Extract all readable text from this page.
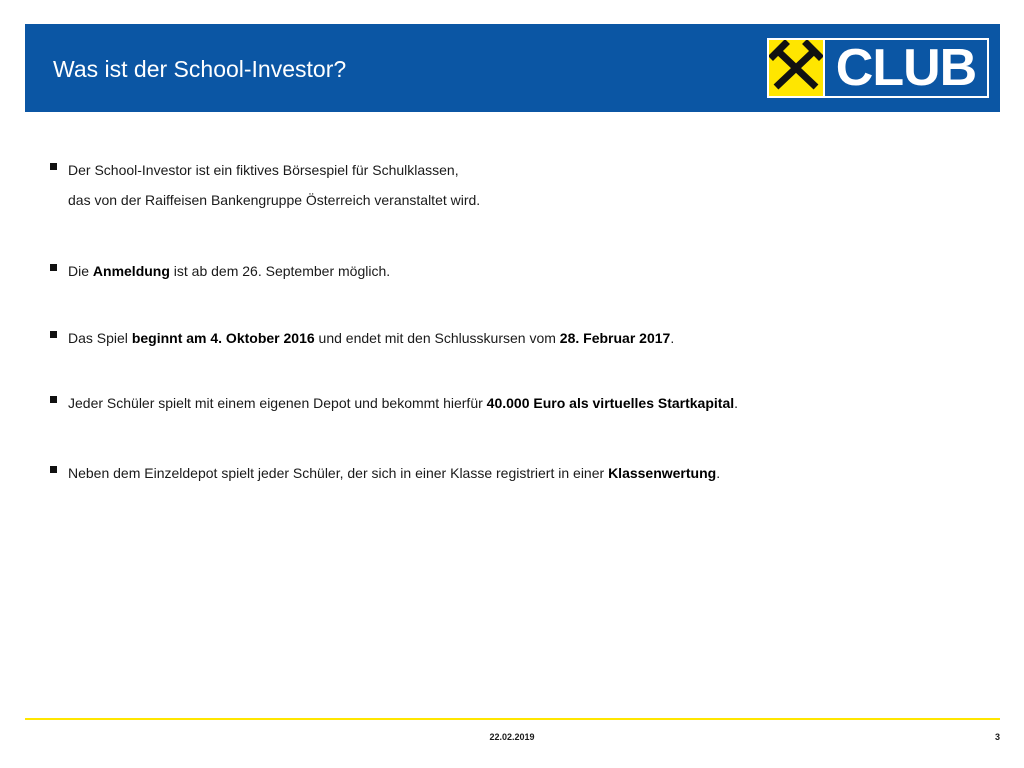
Was ist der School-Investor?	CLUB
Der School-Investor ist ein fiktives Börsespiel für Schulklassen,
das von der Raiffeisen Bankengruppe Österreich veranstaltet wird.
Die Anmeldung ist ab dem 26. September möglich.
Das Spiel beginnt am 4. Oktober 2016 und endet mit den Schlusskursen vom 28. Februar 2017.
Jeder Schüler spielt mit einem eigenen Depot und bekommt hierfür 40.000 Euro als virtuelles Startkapital.
Neben dem Einzeldepot spielt jeder Schüler, der sich in einer Klasse registriert in einer Klassenwertung.
22.02.2019	3
